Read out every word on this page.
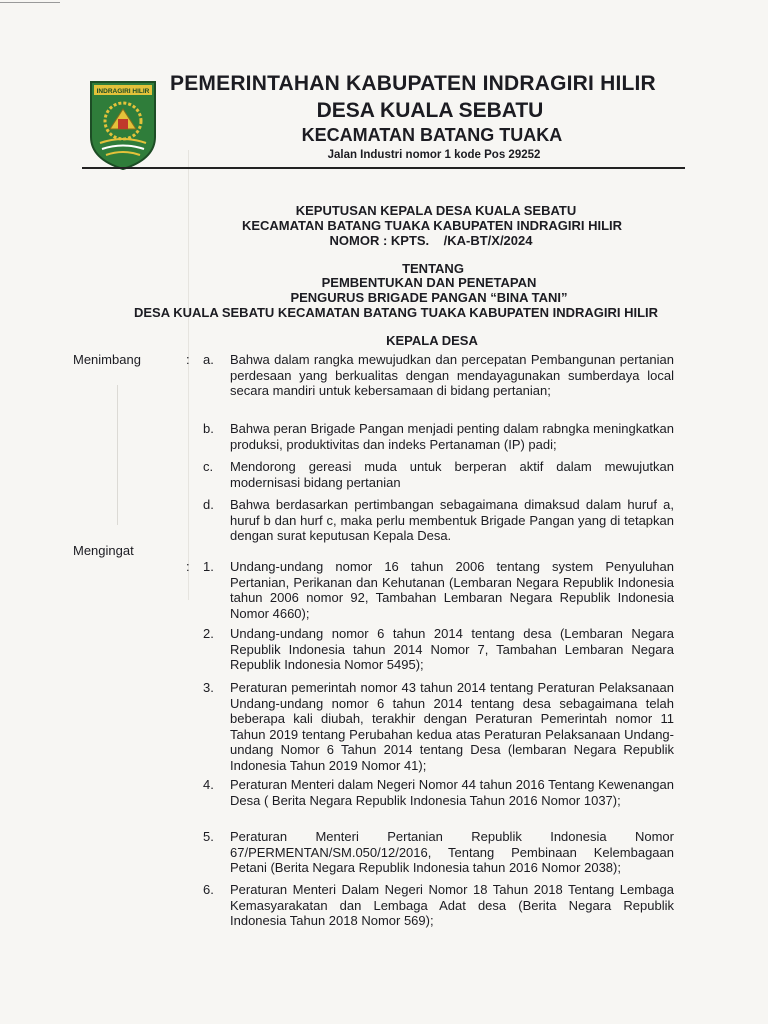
INDRAGIRI HILIR PEMERINTAHAN KABUPATEN INDRAGIRI HILIR
DESA KUALA SEBATU
KECAMATAN BATANG TUAKA
Jalan Industri nomor 1 kode Pos 29252
KEPUTUSAN KEPALA DESA KUALA SEBATU
KECAMATAN BATANG TUAKA KABUPATEN INDRAGIRI HILIR
NOMOR : KPTS.    /KA-BT/X/2024
TENTANG
PEMBENTUKAN DAN PENETAPAN
PENGURUS BRIGADE PANGAN “BINA TANI”
DESA KUALA SEBATU KECAMATAN BATANG TUAKA KABUPATEN INDRAGIRI HILIR
KEPALA DESA
Menimbang	: a. Bahwa dalam rangka mewujudkan dan percepatan Pembangunan pertanian perdesaan yang berkualitas dengan mendayagunakan sumberdaya local secara mandiri untuk kebersamaan di bidang pertanian;

b. Bahwa peran Brigade Pangan menjadi penting dalam rabngka meningkatkan produksi, produktivitas dan indeks Pertanaman (IP) padi;

c. Mendorong gereasi muda untuk berperan aktif dalam mewujutkan modernisasi bidang pertanian

d. Bahwa berdasarkan pertimbangan sebagaimana dimaksud dalam huruf a, huruf b dan hurf c, maka perlu membentuk Brigade Pangan yang di tetapkan dengan surat keputusan Kepala Desa.

Mengingat
: 1. Undang-undang nomor 16 tahun 2006 tentang system Penyuluhan Pertanian, Perikanan dan Kehutanan (Lembaran Negara Republik Indonesia tahun 2006 nomor 92, Tambahan Lembaran Negara Republik Indonesia Nomor 4660);

2. Undang-undang nomor 6 tahun 2014 tentang desa (Lembaran Negara Republik Indonesia tahun 2014 Nomor 7, Tambahan Lembaran Negara Republik Indonesia Nomor 5495);

3. Peraturan pemerintah nomor 43 tahun 2014 tentang Peraturan Pelaksanaan Undang-undang nomor 6 tahun 2014 tentang desa sebagaimana telah beberapa kali diubah, terakhir dengan Peraturan Pemerintah nomor 11 Tahun 2019 tentang Perubahan kedua atas Peraturan Pelaksanaan Undang-undang Nomor 6 Tahun 2014 tentang Desa (lembaran Negara Republik Indonesia Tahun 2019 Nomor 41);

4. Peraturan Menteri dalam Negeri Nomor 44 tahun 2016 Tentang Kewenangan Desa ( Berita Negara Republik Indonesia Tahun 2016 Nomor 1037);

5. Peraturan Menteri Pertanian Republik Indonesia Nomor 67/PERMENTAN/SM.050/12/2016, Tentang Pembinaan Kelembagaan Petani (Berita Negara Republik Indonesia tahun 2016 Nomor 2038);

6. Peraturan Menteri Dalam Negeri Nomor 18 Tahun 2018 Tentang Lembaga Kemasyarakatan dan Lembaga Adat desa (Berita Negara Republik Indonesia Tahun 2018 Nomor 569);
